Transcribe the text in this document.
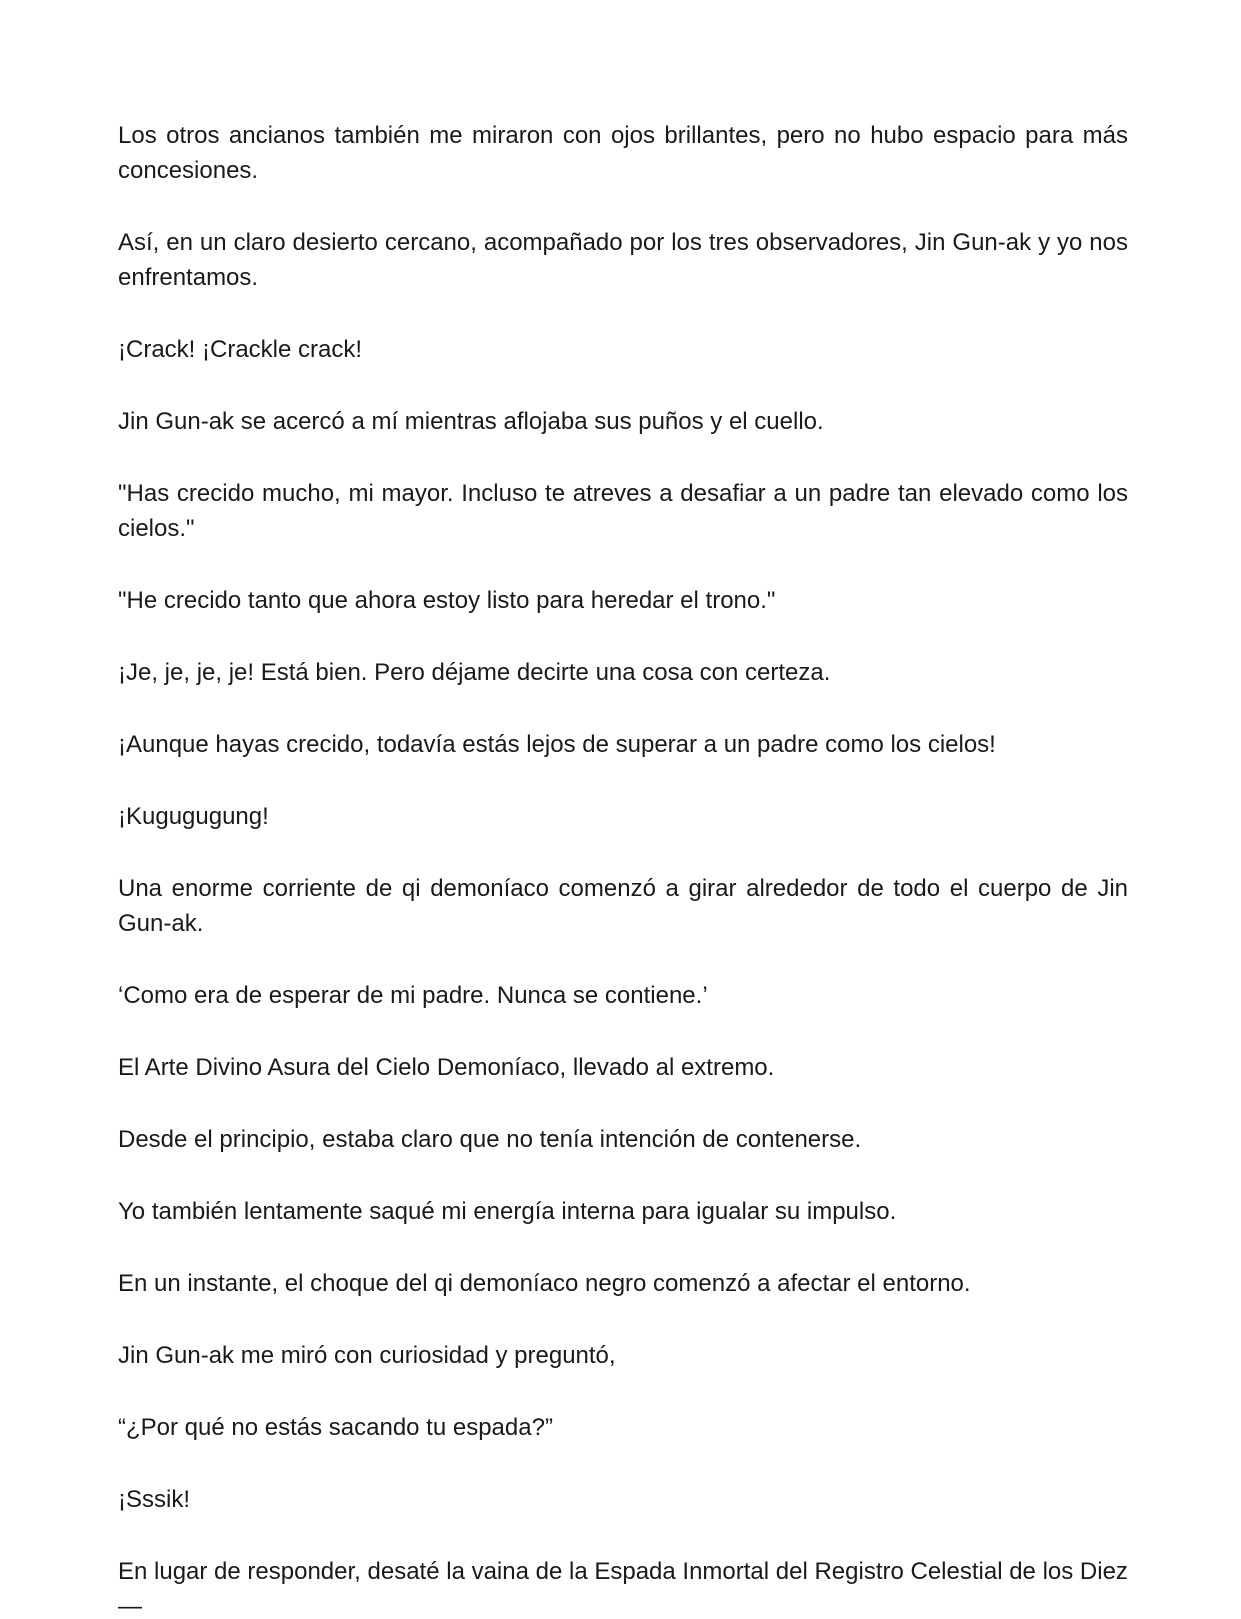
Los otros ancianos también me miraron con ojos brillantes, pero no hubo espacio para más concesiones.

Así, en un claro desierto cercano, acompañado por los tres observadores, Jin Gun-ak y yo nos enfrentamos.

¡Crack! ¡Crackle crack!

Jin Gun-ak se acercó a mí mientras aflojaba sus puños y el cuello.

"Has crecido mucho, mi mayor. Incluso te atreves a desafiar a un padre tan elevado como los cielos."

"He crecido tanto que ahora estoy listo para heredar el trono."

¡Je, je, je, je! Está bien. Pero déjame decirte una cosa con certeza.

¡Aunque hayas crecido, todavía estás lejos de superar a un padre como los cielos!

¡Kugugugung!

Una enorme corriente de qi demoníaco comenzó a girar alrededor de todo el cuerpo de Jin Gun-ak.

‘Como era de esperar de mi padre. Nunca se contiene.’

El Arte Divino Asura del Cielo Demoníaco, llevado al extremo.

Desde el principio, estaba claro que no tenía intención de contenerse.

Yo también lentamente saqué mi energía interna para igualar su impulso.

En un instante, el choque del qi demoníaco negro comenzó a afectar el entorno.

Jin Gun-ak me miró con curiosidad y preguntó,

“¿Por qué no estás sacando tu espada?”

¡Sssik!

En lugar de responder, desaté la vaina de la Espada Inmortal del Registro Celestial de los Diez—
